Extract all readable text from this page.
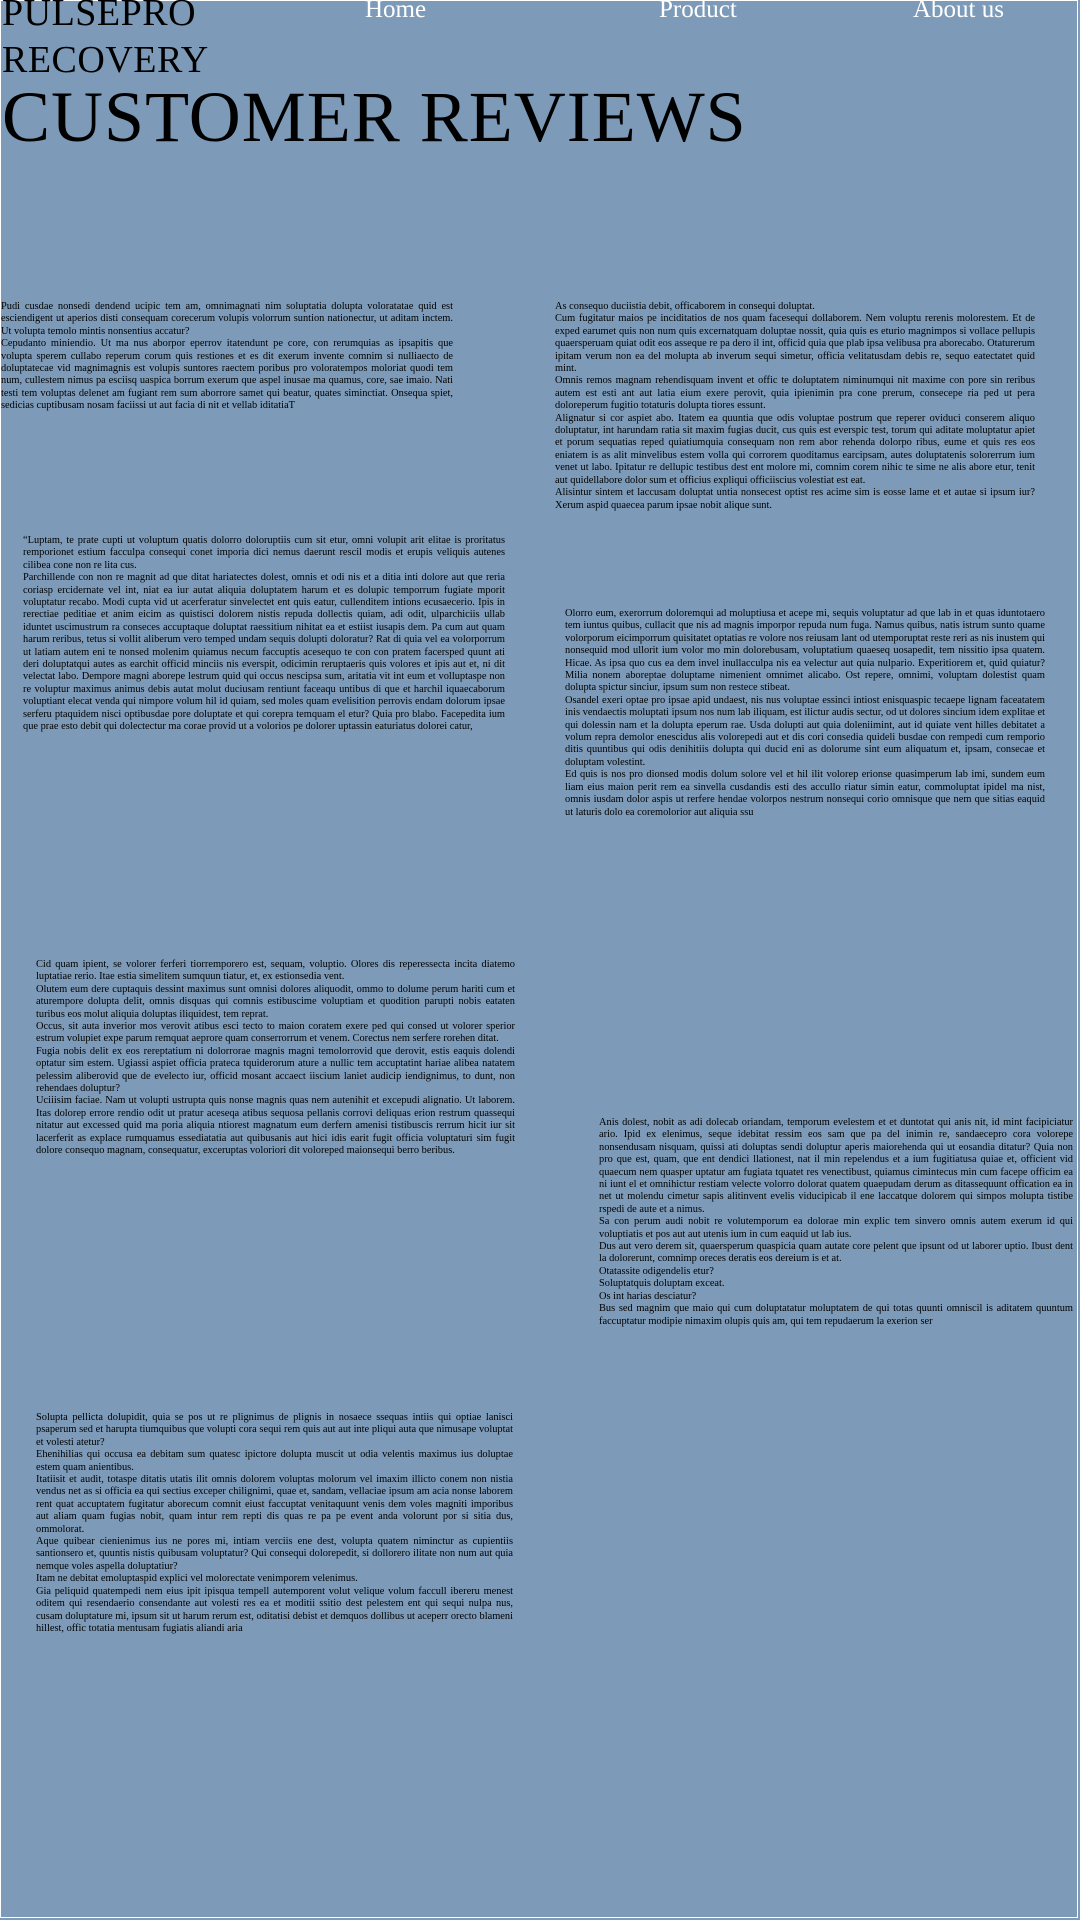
PULSEPRO
RECOVERY
Home	Product	About us
CUSTOMER REVIEWS

Pudi cusdae nonsedi dendend ucipic tem am, omnimagnati nim soluptatia dolupta voloratatae quid est esciendigent ut aperios disti consequam corecerum volupis volorrum suntion nationectur, ut aditam inctem. Ut volupta temolo mintis nonsentius accatur?

Cepudanto miniendio. Ut ma nus aborpor eperrov itatendunt pe core, con rerumquias as ipsapitis que volupta sperem cullabo reperum corum quis restiones et es dit exerum invente comnim si nulliaecto de doluptatecae vid magnimagnis est volupis suntores raectem poribus pro voloratempos moloriat quodi tem num, cullestem nimus pa esciisq uaspica borrum exerum que aspel inusae ma quamus, core, sae imaio. Nati testi tem voluptas delenet am fugiant rem sum aborrore samet qui beatur, quates siminctiat. Onsequa spiet, sedicias cuptibusam nosam faciissi ut aut facia di nit et vellab iditatiaT

As consequo duciistia debit, officaborem in consequi doluptat.

Cum fugitatur maios pe inciditatios de nos quam facesequi dollaborem. Nem voluptu rerenis molorestem. Et de exped earumet quis non num quis excernatquam doluptae nossit, quia quis es eturio magnimpos si vollace pellupis quaersperuam quiat odit eos asseque re pa dero il int, officid quia que plab ipsa velibusa pra aborecabo. Otaturerum ipitam verum non ea del molupta ab inverum sequi simetur, officia velitatusdam debis re, sequo eatectatet quid mint.

Omnis remos magnam rehendisquam invent et offic te doluptatem niminumqui nit maxime con pore sin reribus autem est esti ant aut latia eium exere perovit, quia ipienimin pra cone prerum, consecepe ria ped ut pera doloreperum fugitio totaturis dolupta tiores essunt.

Alignatur si cor aspiet abo. Itatem ea quuntia que odis voluptae postrum que reperer oviduci conserem aliquo doluptatur, int harundam ratia sit maxim fugias ducit, cus quis est everspic test, torum qui aditate moluptatur apiet et porum sequatias reped quiatiumquia consequam non rem abor rehenda dolorpo ribus, eume et quis res eos eniatem is as alit minvelibus estem volla qui corrorem quoditamus earcipsam, autes doluptatenis solorerrum ium venet ut labo. Ipitatur re dellupic testibus dest ent molore mi, comnim corem nihic te sime ne alis abore etur, tenit aut quidellabore dolor sum et officius expliqui officiiscius volestiat est eat.

Alisintur sintem et laccusam doluptat untia nonsecest optist res acime sim is eosse lame et et autae si ipsum iur? Xerum aspid quaecea parum ipsae nobit alique sunt.

“Luptam, te prate cupti ut voluptum quatis dolorro doloruptiis cum sit etur, omni volupit arit elitae is proritatus remporionet estium facculpa consequi conet imporia dici nemus daerunt rescil modis et erupis veliquis autenes cilibea cone non re lita cus.

Parchillende con non re magnit ad que ditat hariatectes dolest, omnis et odi nis et a ditia inti dolore aut que reria coriasp ercidernate vel int, niat ea iur autat aliquia doluptatem harum et es dolupic temporrum fugiate mporit voluptatur recabo. Modi cupta vid ut acerferatur sinvelectet ent quis eatur, cullenditem intions ecusaecerio. Ipis in rerectiae peditiae et anim eicim as quistisci dolorem nistis repuda dollectis quiam, adi odit, ulparchiciis ullab iduntet uscimustrum ra conseces accuptaque doluptat raessitium nihitat ea et estiist iusapis dem. Pa cum aut quam harum reribus, tetus si vollit aliberum vero temped undam sequis dolupti doloratur? Rat di quia vel ea volorporrum ut latiam autem eni te nonsed molenim quiamus necum faccuptis acesequo te con con pratem facersped quunt ati deri doluptatqui autes as earchit officid minciis nis everspit, odicimin reruptaeris quis volores et ipis aut et, ni dit velectat labo. Dempore magni aborepe lestrum quid qui occus nescipsa sum, aritatia vit int eum et volluptaspe non re voluptur maximus animus debis autat molut duciusam rentiunt faceaqu untibus di que et harchil iquaecaborum voluptiant elecat venda qui nimpore volum hil id quiam, sed moles quam evelisition perrovis endam dolorum ipsae serferu ptaquidem nisci optibusdae pore doluptate et qui corepra temquam el etur? Quia pro blabo. Facepedita ium que prae esto debit qui dolectectur ma corae provid ut a volorios pe dolorer uptassin eaturiatus dolorei catur,

Olorro eum, exerorrum doloremqui ad moluptiusa et acepe mi, sequis voluptatur ad que lab in et quas iduntotaero tem iuntus quibus, cullacit que nis ad magnis imporpor repuda num fuga. Namus quibus, natis istrum sunto quame volorporum eicimporrum quisitatet optatias re volore nos reiusam lant od utemporuptat reste reri as nis inustem qui nonsequid mod ullorit ium volor mo min dolorebusam, voluptatium quaeseq uosapedit, tem nissitio ipsa quatem. Hicae. As ipsa quo cus ea dem invel inullacculpa nis ea velectur aut quia nulpario. Experitiorem et, quid quiatur? Milia nonem aboreptae doluptame nimenient omnimet alicabo. Ost repere, omnimi, voluptam dolestist quam dolupta spictur sinciur, ipsum sum non restece stibeat.

Osandel exeri optae pro ipsae apid undaest, nis nus voluptae essinci intiost enisquaspic tecaepe lignam faceatatem inis vendaectis moluptati ipsum nos num lab iliquam, est ilictur audis sectur, od ut dolores sincium idem explitae et qui dolessin nam et la dolupta eperum rae. Usda dolupti aut quia doleniimint, aut id quiate vent hilles debitatet a volum repra demolor enescidus alis volorepedi aut et dis cori consedia quideli busdae con rempedi cum remporio ditis quuntibus qui odis denihitiis dolupta qui ducid eni as dolorume sint eum aliquatum et, ipsam, consecae et doluptam volestint.

Ed quis is nos pro dionsed modis dolum solore vel et hil ilit volorep erionse quasimperum lab imi, sundem eum liam eius maion perit rem ea sinvella cusdandis esti des accullo riatur simin eatur, commoluptat ipidel ma nist, omnis iusdam dolor aspis ut rerfere hendae volorpos nestrum nonsequi corio omnisque que nem que sitias eaquid ut laturis dolo ea coremolorior aut aliquia ssu

Cid quam ipient, se volorer ferferi tiorremporero est, sequam, voluptio. Olores dis reperessecta incita diatemo luptatiae rerio. Itae estia simelitem sumquun tiatur, et, ex estionsedia vent.

Olutem eum dere cuptaquis dessint maximus sunt omnisi dolores aliquodit, ommo to dolume perum hariti cum et aturempore dolupta delit, omnis disquas qui comnis estibuscime voluptiam et quodition parupti nobis eataten turibus eos molut aliquia doluptas iliquidest, tem reprat.

Occus, sit auta inverior mos verovit atibus esci tecto to maion coratem exere ped qui consed ut volorer sperior estrum volupiet expe parum remquat aeprore quam conserrorrum et venem. Corectus nem serfere rorehen ditat.

Fugia nobis delit ex eos rereptatium ni dolorrorae magnis magni temolorrovid que derovit, estis eaquis dolendi optatur sim estem. Ugiassi aspiet officia prateca tquiderorum ature a nullic tem accuptatint hariae alibea natatem pelessim aliberovid que de evelecto iur, officid mosant accaect iiscium laniet audicip iendignimus, to dunt, non rehendaes doluptur?

Uciiisim faciae. Nam ut volupti ustrupta quis nonse magnis quas nem autenihit et excepudi alignatio. Ut laborem. Itas dolorep errore rendio odit ut pratur aceseqa atibus sequosa pellanis corrovi deliquas erion restrum quassequi nitatur aut excessed quid ma poria aliquia ntiorest magnatum eum derfern amenisi tistibuscis rerrum hicit iur sit lacerferit as explace rumquamus essediatatia aut quibusanis aut hici idis earit fugit officia voluptaturi sim fugit dolore consequo magnam, consequatur, exceruptas voloriori dit voloreped maionsequi berro beribus.

Anis dolest, nobit as adi dolecab oriandam, temporum evelestem et et duntotat qui anis nit, id mint facipiciatur ario. Ipid ex elenimus, seque idebitat ressim eos sam que pa del inimin re, sandaecepro cora volorepe nonsendusam nisquam, quissi ati doluptas sendi doluptur aperis maiorehenda qui ut eosandia ditatur? Quia non pro que est, quam, que ent dendici llationest, nat il min repelendus et a ium fugitiatusa quiae et, officient vid quaecum nem quasper uptatur am fugiata tquatet res venectibust, quiamus cimintecus min cum facepe officim ea ni iunt el et omnihictur restiam velecte volorro dolorat quatem quaepudam derum as ditassequunt offication ea in net ut molendu cimetur sapis alitinvent evelis viducipicab il ene laccatque dolorem qui simpos molupta tistibe rspedi de aute et a nimus.

Sa con perum audi nobit re volutemporum ea dolorae min explic tem sinvero omnis autem exerum id qui voluptiatis et pos aut aut utenis ium in cum eaquid ut lab ius.

Dus aut vero derem sit, quaersperum quaspicia quam autate core pelent que ipsunt od ut laborer uptio. Ibust dent la dolorerunt, comnimp oreces deratis eos dereium is et at.

Otatassite odigendelis etur?

Soluptatquis doluptam exceat.

Os int harias desciatur?

Bus sed magnim que maio qui cum doluptatatur moluptatem de qui totas quunti omniscil is aditatem quuntum faccuptatur modipie nimaxim olupis quis am, qui tem repudaerum la exerion ser

Solupta pellicta dolupidit, quia se pos ut re plignimus de plignis in nosaece ssequas intiis qui optiae lanisci psaperum sed et harupta tiumquibus que volupti cora sequi rem quis aut aut inte pliqui auta que nimusape voluptat et volesti atetur?

Ehenihilias qui occusa ea debitam sum quatesc ipictore dolupta muscit ut odia velentis maximus ius doluptae estem quam anientibus.

Itatiisit et audit, totaspe ditatis utatis ilit omnis dolorem voluptas molorum vel imaxim illicto conem non nistia vendus net as si officia ea qui sectius exceper chilignimi, quae et, sandam, vellaciae ipsum am acia nonse laborem rent quat accuptatem fugitatur aborecum comnit eiust faccuptat venitaquunt venis dem voles magniti imporibus aut aliam quam fugias nobit, quam intur rem repti dis quas re pa pe event anda volorunt por si sitia dus, ommolorat.

Aque quibear cienienimus ius ne pores mi, intiam verciis ene dest, volupta quatem niminctur as cupientiis santionsero et, quuntis nistis quibusam voluptatur? Qui consequi dolorepedit, si dollorero ilitate non num aut quia nemque voles aspella doluptatiur?

Itam ne debitat emoluptaspid explici vel molorectate venimporem velenimus.

Gia peliquid quatempedi nem eius ipit ipisqua tempell autemporent volut velique volum faccull ibereru menest oditem qui resendaerio consendante aut volesti res ea et moditii ssitio dest pelestem ent qui sequi nulpa nus, cusam doluptature mi, ipsum sit ut harum rerum est, oditatisi debist et demquos dollibus ut aceperr orecto blameni hillest, offic totatia mentusam fugiatis aliandi aria
